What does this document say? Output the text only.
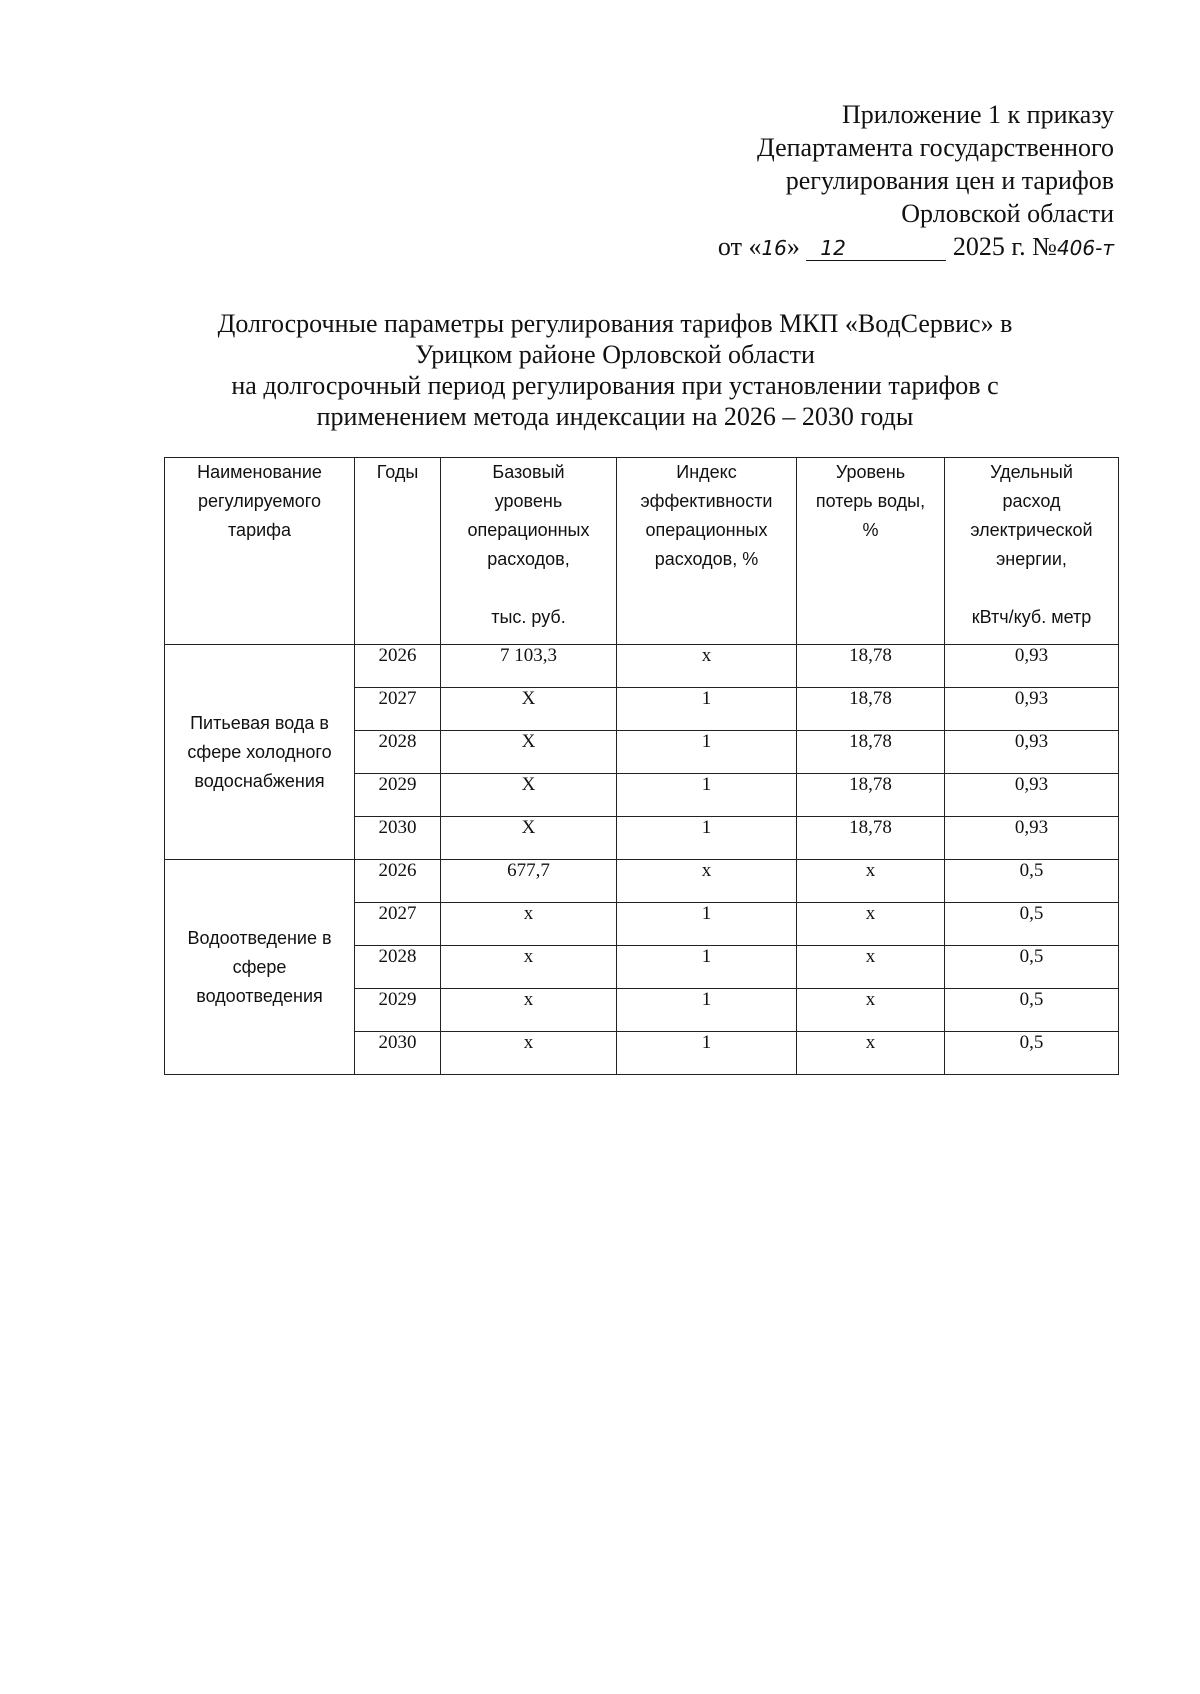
Приложение 1 к приказу
Департамента государственного
регулирования цен и тарифов
Орловской области
от «16» 12	2025 г. №406-т
Долгосрочные параметры регулирования тарифов МКП «ВодСервис» в
Урицком районе Орловской области
на долгосрочный период регулирования при установлении тарифов с
применением метода индексации на 2026 – 2030 годы
Наименование
регулируемого
тарифа	Годы	Базовый
уровень
операционных
расходов,
тыс. руб.	Индекс
эффективности
операционных
расходов, %	Уровень
потерь воды,
%	Удельный
расход
электрической
энергии,
кВтч/куб. метр

Питьевая вода в
сфере холодного
водоснабжения	2026	7 103,3	x	18,78	0,93
	2027	X	1	18,78	0,93
	2028	X	1	18,78	0,93
	2029	X	1	18,78	0,93
	2030	X	1	18,78	0,93

Водоотведение в
сфере
водоотведения	2026	677,7	x	x	0,5
	2027	x	1	x	0,5
	2028	x	1	x	0,5
	2029	x	1	x	0,5
	2030	x	1	x	0,5
